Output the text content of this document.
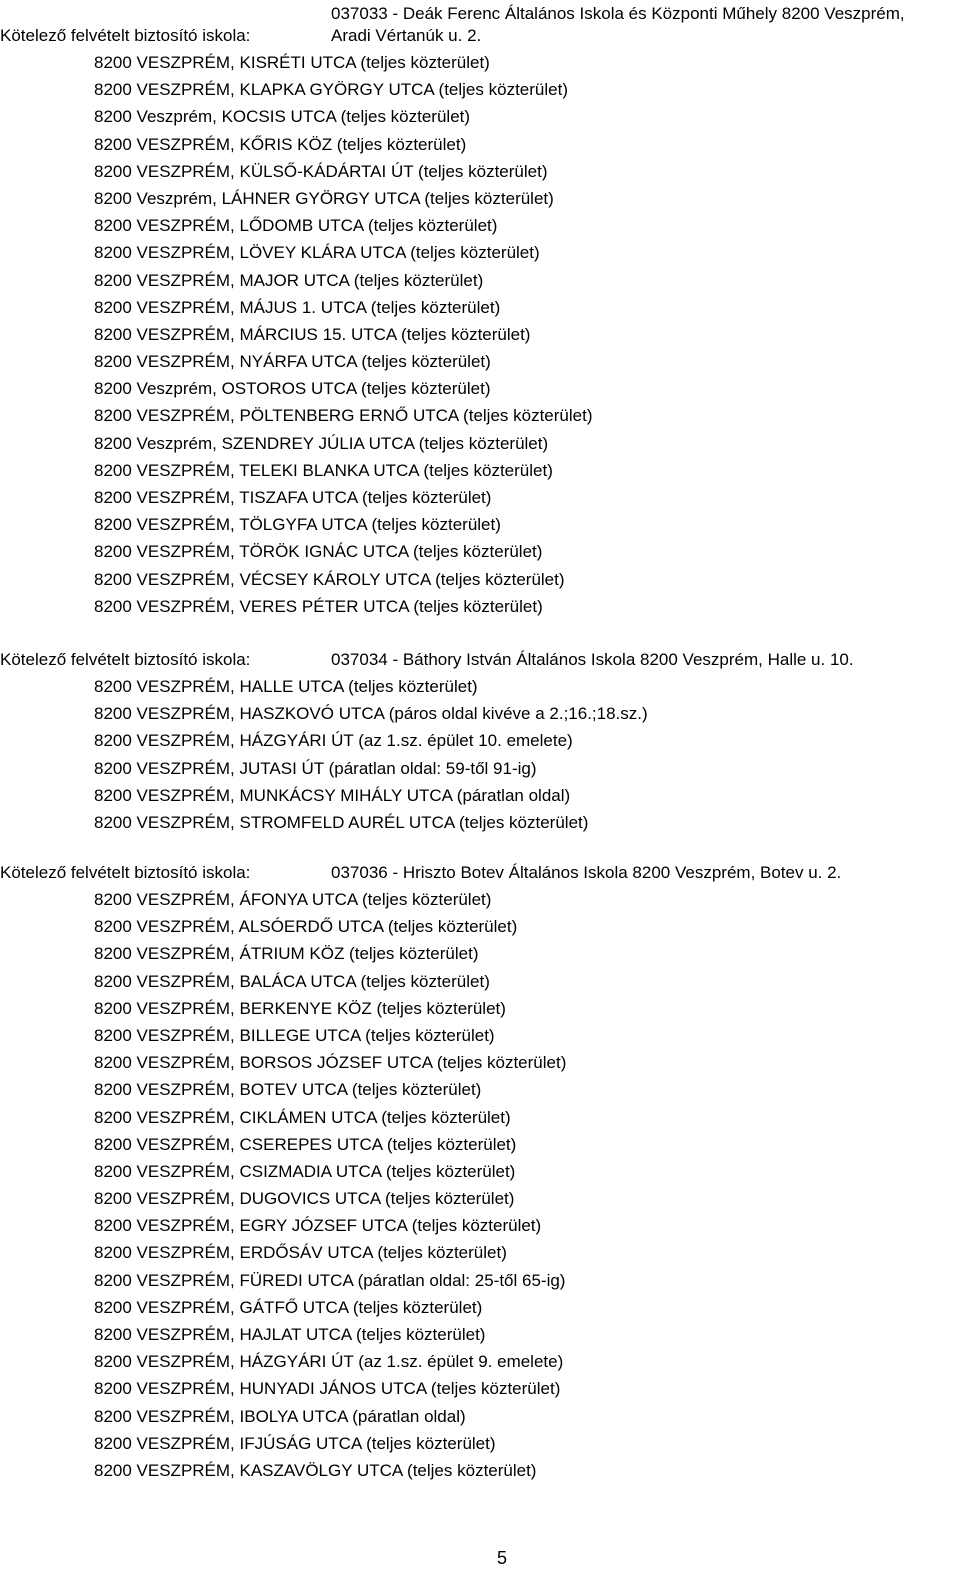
Kötelező felvételt biztosító iskola:
037033 - Deák Ferenc Általános Iskola és Központi Műhely 8200 Veszprém,
Aradi Vértanúk u. 2.
8200 VESZPRÉM, KISRÉTI UTCA (teljes közterület)
8200 VESZPRÉM, KLAPKA GYÖRGY UTCA (teljes közterület)
8200 Veszprém, KOCSIS UTCA (teljes közterület)
8200 VESZPRÉM, KŐRIS KÖZ (teljes közterület)
8200 VESZPRÉM, KÜLSŐ-KÁDÁRTAI ÚT (teljes közterület)
8200 Veszprém, LÁHNER GYÖRGY UTCA (teljes közterület)
8200 VESZPRÉM, LŐDOMB UTCA (teljes közterület)
8200 VESZPRÉM, LÖVEY KLÁRA UTCA (teljes közterület)
8200 VESZPRÉM, MAJOR UTCA (teljes közterület)
8200 VESZPRÉM, MÁJUS 1. UTCA (teljes közterület)
8200 VESZPRÉM, MÁRCIUS 15. UTCA (teljes közterület)
8200 VESZPRÉM, NYÁRFA UTCA (teljes közterület)
8200 Veszprém, OSTOROS UTCA (teljes közterület)
8200 VESZPRÉM, PÖLTENBERG ERNŐ UTCA (teljes közterület)
8200 Veszprém, SZENDREY JÚLIA UTCA (teljes közterület)
8200 VESZPRÉM, TELEKI BLANKA UTCA (teljes közterület)
8200 VESZPRÉM, TISZAFA UTCA (teljes közterület)
8200 VESZPRÉM, TÖLGYFA UTCA (teljes közterület)
8200 VESZPRÉM, TÖRÖK IGNÁC UTCA (teljes közterület)
8200 VESZPRÉM, VÉCSEY KÁROLY UTCA (teljes közterület)
8200 VESZPRÉM, VERES PÉTER UTCA (teljes közterület)
Kötelező felvételt biztosító iskola:	037034 - Báthory István Általános Iskola 8200 Veszprém, Halle u. 10.
8200 VESZPRÉM, HALLE UTCA (teljes közterület)
8200 VESZPRÉM, HASZKOVÓ UTCA (páros oldal kivéve a 2.;16.;18.sz.)
8200 VESZPRÉM, HÁZGYÁRI ÚT (az 1.sz. épület 10. emelete)
8200 VESZPRÉM, JUTASI ÚT (páratlan oldal: 59-től 91-ig)
8200 VESZPRÉM, MUNKÁCSY MIHÁLY UTCA (páratlan oldal)
8200 VESZPRÉM, STROMFELD AURÉL UTCA (teljes közterület)
Kötelező felvételt biztosító iskola:	037036 - Hriszto Botev Általános Iskola 8200 Veszprém, Botev u. 2.
8200 VESZPRÉM, ÁFONYA UTCA (teljes közterület)
8200 VESZPRÉM, ALSÓERDŐ UTCA (teljes közterület)
8200 VESZPRÉM, ÁTRIUM KÖZ (teljes közterület)
8200 VESZPRÉM, BALÁCA UTCA (teljes közterület)
8200 VESZPRÉM, BERKENYE KÖZ (teljes közterület)
8200 VESZPRÉM, BILLEGE UTCA (teljes közterület)
8200 VESZPRÉM, BORSOS JÓZSEF UTCA (teljes közterület)
8200 VESZPRÉM, BOTEV UTCA (teljes közterület)
8200 VESZPRÉM, CIKLÁMEN UTCA (teljes közterület)
8200 VESZPRÉM, CSEREPES UTCA (teljes közterület)
8200 VESZPRÉM, CSIZMADIA UTCA (teljes közterület)
8200 VESZPRÉM, DUGOVICS UTCA (teljes közterület)
8200 VESZPRÉM, EGRY JÓZSEF UTCA (teljes közterület)
8200 VESZPRÉM, ERDŐSÁV UTCA (teljes közterület)
8200 VESZPRÉM, FÜREDI UTCA (páratlan oldal: 25-től 65-ig)
8200 VESZPRÉM, GÁTFŐ UTCA (teljes közterület)
8200 VESZPRÉM, HAJLAT UTCA (teljes közterület)
8200 VESZPRÉM, HÁZGYÁRI ÚT (az 1.sz. épület 9. emelete)
8200 VESZPRÉM, HUNYADI JÁNOS UTCA (teljes közterület)
8200 VESZPRÉM, IBOLYA UTCA (páratlan oldal)
8200 VESZPRÉM, IFJÚSÁG UTCA (teljes közterület)
8200 VESZPRÉM, KASZAVÖLGY UTCA (teljes közterület)
5
